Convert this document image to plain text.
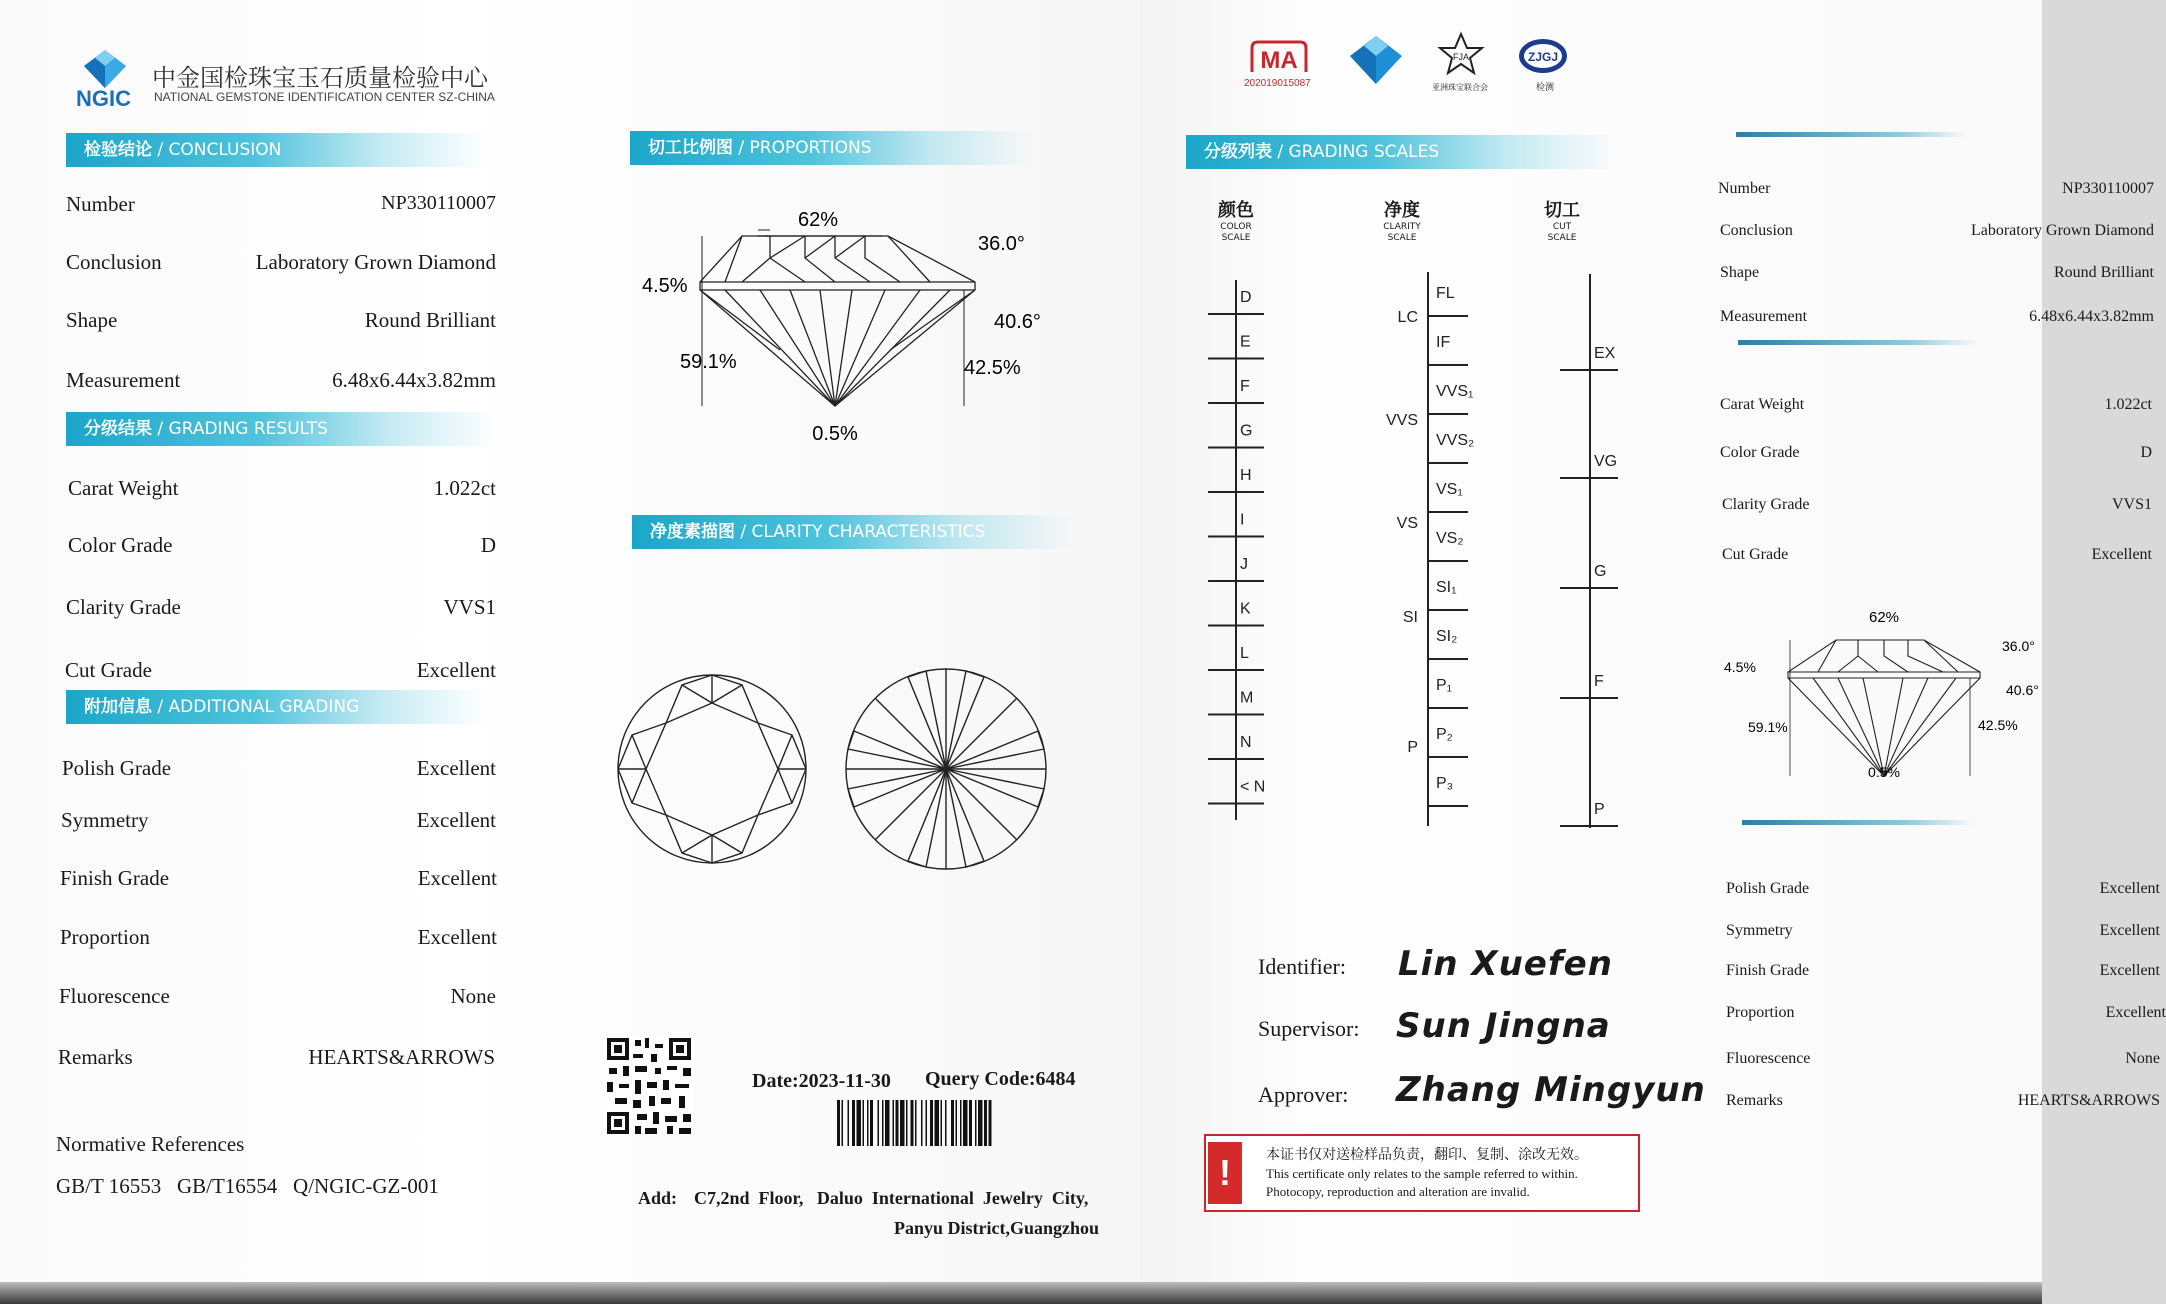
NGIC
中金国检珠宝玉石质量检验中心
NATIONAL GEMSTONE IDENTIFICATION CENTER SZ-CHINA
检验结论 / CONCLUSION
Number	NP330110007
Conclusion	Laboratory Grown Diamond
Shape	Round Brilliant
Measurement	6.48x6.44x3.82mm
分级结果 / GRADING RESULTS
Carat Weight	1.022ct
Color Grade	D
Clarity Grade	VVS1
Cut Grade	Excellent
附加信息 / ADDITIONAL GRADING
Polish Grade	Excellent
Symmetry	Excellent
Finish Grade	Excellent
Proportion	Excellent
Fluorescence	None
Remarks	HEARTS&ARROWS
Normative References
GB/T 16553   GB/T16554   Q/NGIC-GZ-001
切工比例图 / PROPORTIONS
62%
36.0°
4.5%
40.6°
59.1%	42.5%
0.5%
净度素描图 / CLARITY CHARACTERISTICS
Date:2023-11-30 Query Code:6484
Add: C7,2nd  Floor,   Daluo  International  Jewelry  City,
Panyu District,Guangzhou
MA
202019015087
FJA
亚洲珠宝联合会
ZJGJ
检测
分级列表 / GRADING SCALES
颜色
COLOR
SCALE
净度
CLARITY
SCALE
切工
CUT
SCALE
D
E
F
G
H
I
J
K
L
M
N
< N
FL
IF
VVS₁
VVS₂
VS₁
VS₂
SI₁
SI₂
P₁
P₂
P₃
LC
VVS
VS
SI
P
EX
VG
G
F
P
Identifier: Lin Xuefen
Supervisor: Sun Jingna
Approver: Zhang Mingyun
!	本证书仅对送检样品负责，翻印、复制、涂改无效。
This certificate only relates to the sample referred to within.
Photocopy, reproduction and alteration are invalid.
Number	NP330110007
Conclusion	Laboratory Grown Diamond
Shape	Round Brilliant
Measurement	6.48x6.44x3.82mm
Carat Weight	1.022ct
Color Grade	D
Clarity Grade	VVS1
Cut Grade	Excellent
62%
36.0°
4.5%
40.6°
59.1%	42.5%
0.5%
Polish Grade	Excellent
Symmetry	Excellent
Finish Grade	Excellent
Proportion	Excellent
Fluorescence	None
Remarks	HEARTS&ARROWS
